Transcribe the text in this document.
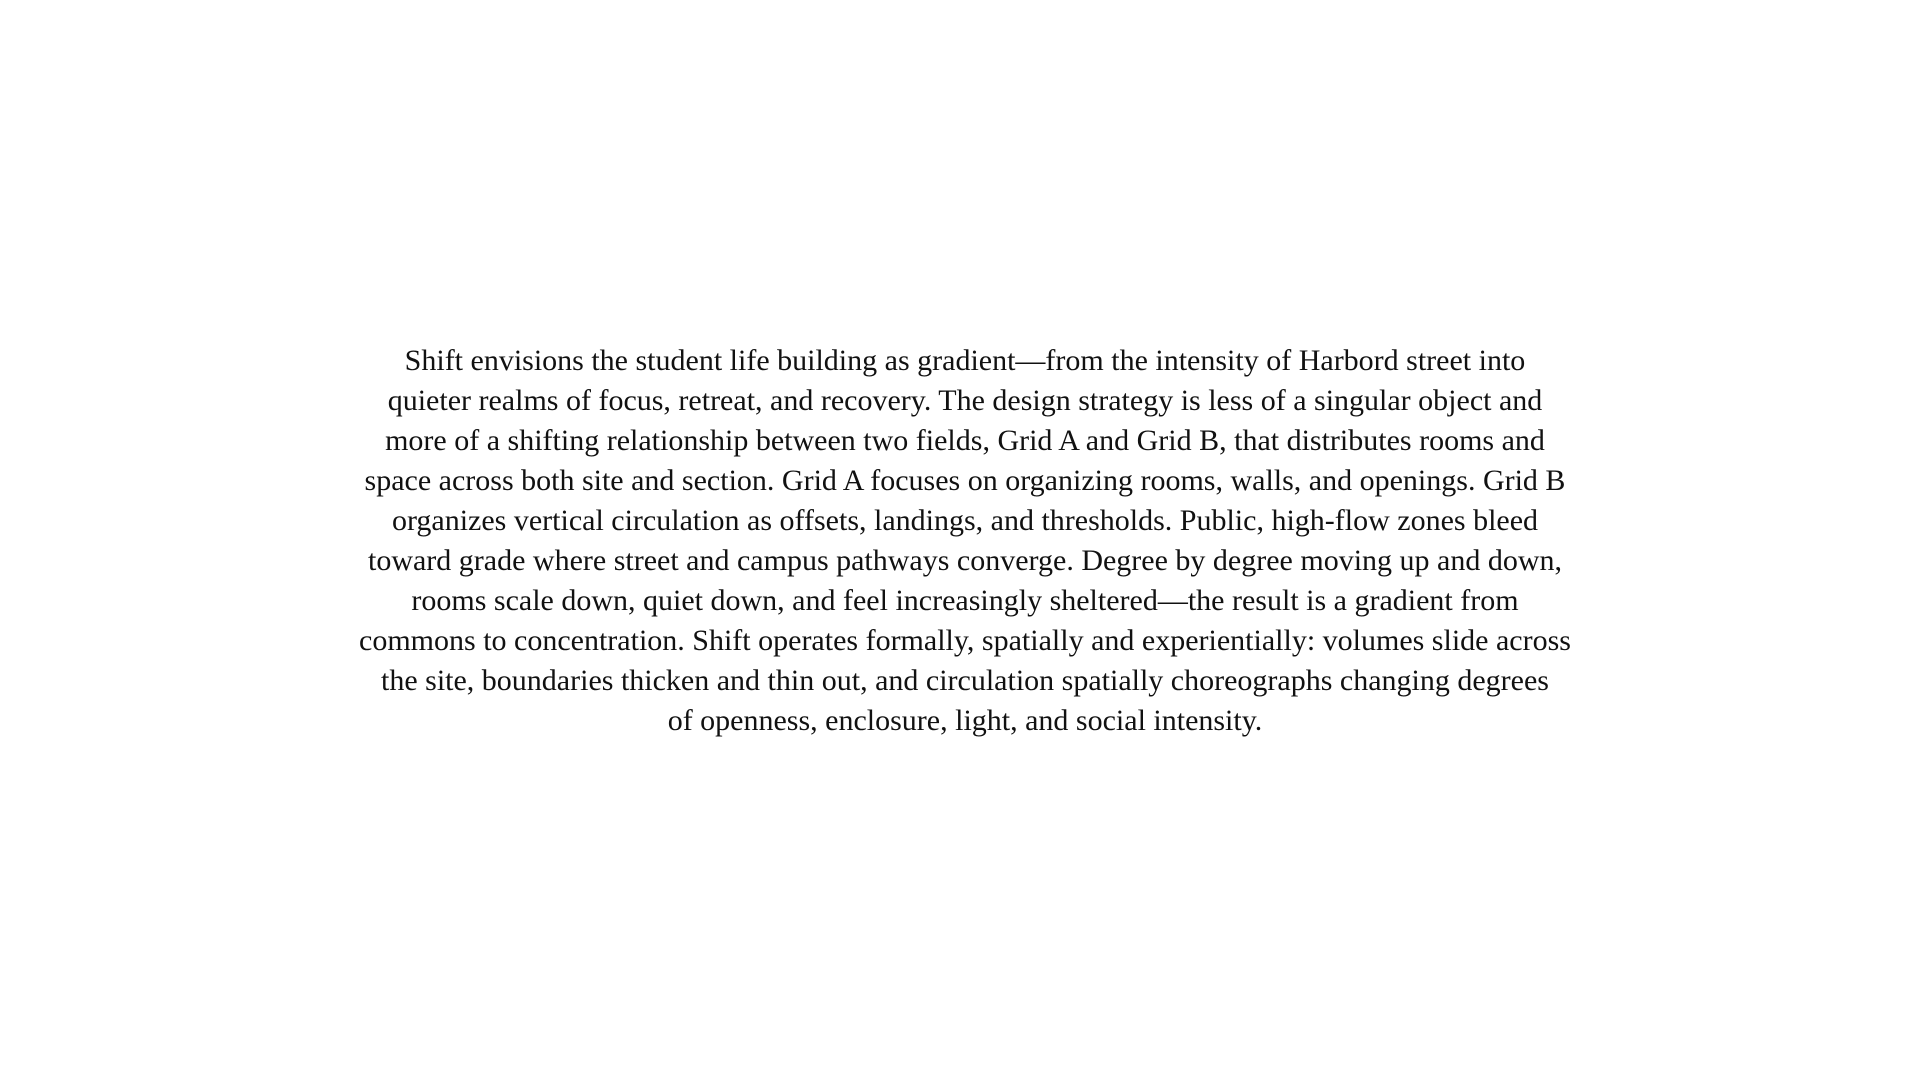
Shift envisions the student life building as gradient—from the intensity of Harbord street into
quieter realms of focus, retreat, and recovery. The design strategy is less of a singular object and
more of a shifting relationship between two fields, Grid A and Grid B, that distributes rooms and
space across both site and section. Grid A focuses on organizing rooms, walls, and openings. Grid B
organizes vertical circulation as offsets, landings, and thresholds. Public, high-flow zones bleed
toward grade where street and campus pathways converge. Degree by degree moving up and down,
rooms scale down, quiet down, and feel increasingly sheltered—the result is a gradient from
commons to concentration. Shift operates formally, spatially and experientially: volumes slide across
the site, boundaries thicken and thin out, and circulation spatially choreographs changing degrees
of openness, enclosure, light, and social intensity.
